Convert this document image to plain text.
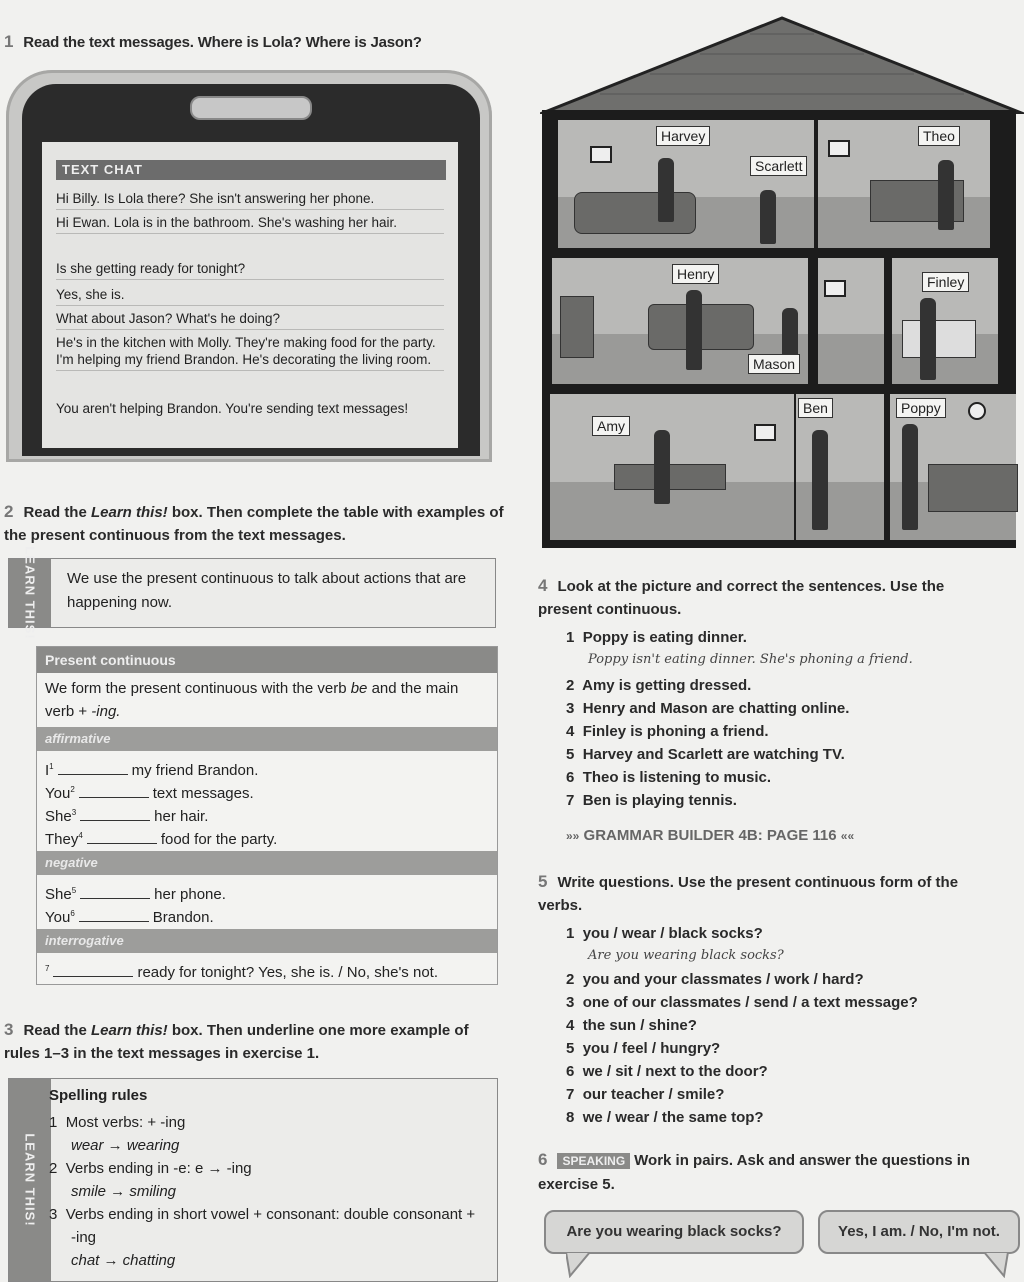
1 Read the text messages. Where is Lola? Where is Jason?
TEXT CHAT
Hi Billy. Is Lola there? She isn't answering her phone.
Hi Ewan. Lola is in the bathroom. She's washing her hair.
Is she getting ready for tonight?
Yes, she is.
What about Jason? What's he doing?
He's in the kitchen with Molly. They're making food for the party. I'm helping my friend Brandon. He's decorating the living room.
You aren't helping Brandon. You're sending text messages!
2 Read the Learn this! box. Then complete the table with examples of the present continuous from the text messages.
LEARN THIS! We use the present continuous to talk about actions that are happening now.
Present continuous
We form the present continuous with the verb be and the main verb + -ing.
affirmative
$I^1$	my friend Brandon.
You$^2$	text messages.
She$^3$	her hair.
They$^4$	food for the party.
negative
She$^5$	her phone.
You$^6$	Brandon.
interrogative
$^7$	ready for tonight? Yes, she is. / No, she's not.
3 Read the Learn this! box. Then underline one more example of rules 1–3 in the text messages in exercise 1.
LEARN THIS!
Spelling rules
1 Most verbs: + -ing
wear → wearing
2 Verbs ending in -e: e → -ing
smile → smiling
3 Verbs ending in short vowel + consonant: double consonant + -ing
chat → chatting
Harvey
Scarlett
Theo
Henry
Mason
Finley
Amy
Ben	Poppy
4 Look at the picture and correct the sentences. Use the present continuous.
1 Poppy is eating dinner.
Poppy isn't eating dinner. She's phoning a friend.
2 Amy is getting dressed.
3 Henry and Mason are chatting online.
4 Finley is phoning a friend.
5 Harvey and Scarlett are watching TV.
6 Theo is listening to music.
7 Ben is playing tennis.
»» GRAMMAR BUILDER 4B: PAGE 116 ««
5 Write questions. Use the present continuous form of the verbs.
1 you / wear / black socks?
Are you wearing black socks?
2 you and your classmates / work / hard?
3 one of our classmates / send / a text message?
4 the sun / shine?
5 you / feel / hungry?
6 we / sit / next to the door?
7 our teacher / smile?
8 we / wear / the same top?
6 SPEAKING Work in pairs. Ask and answer the questions in exercise 5.
Are you wearing black socks?	Yes, I am. / No, I'm not.
